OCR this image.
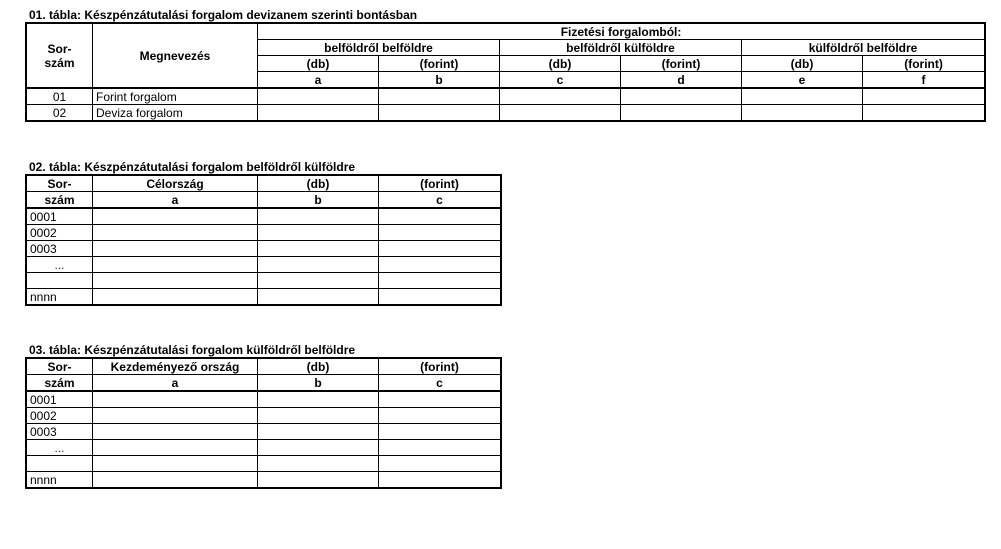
01. tábla: Készpénzátutalási forgalom devizanem szerinti bontásban
Sor-
szám	Megnevezés	Fizetési forgalomból:					
		belföldről belföldre		belföldről külföldre		külföldről belföldre	
		(db)	(forint)	(db)	(forint)	(db)	(forint)
		a	b	c	d	e	f
01	Forint forgalom						
02	Deviza forgalom						
02. tábla: Készpénzátutalási forgalom belföldről külföldre
Sor-	Célország	(db)	(forint)
szám	a	b	c
0001			
0002			
0003			
...			

nnnn			
03. tábla: Készpénzátutalási forgalom külföldről belföldre
Sor-	Kezdeményező ország	(db)	(forint)
szám	a	b	c
0001			
0002			
0003			
...			

nnnn			
